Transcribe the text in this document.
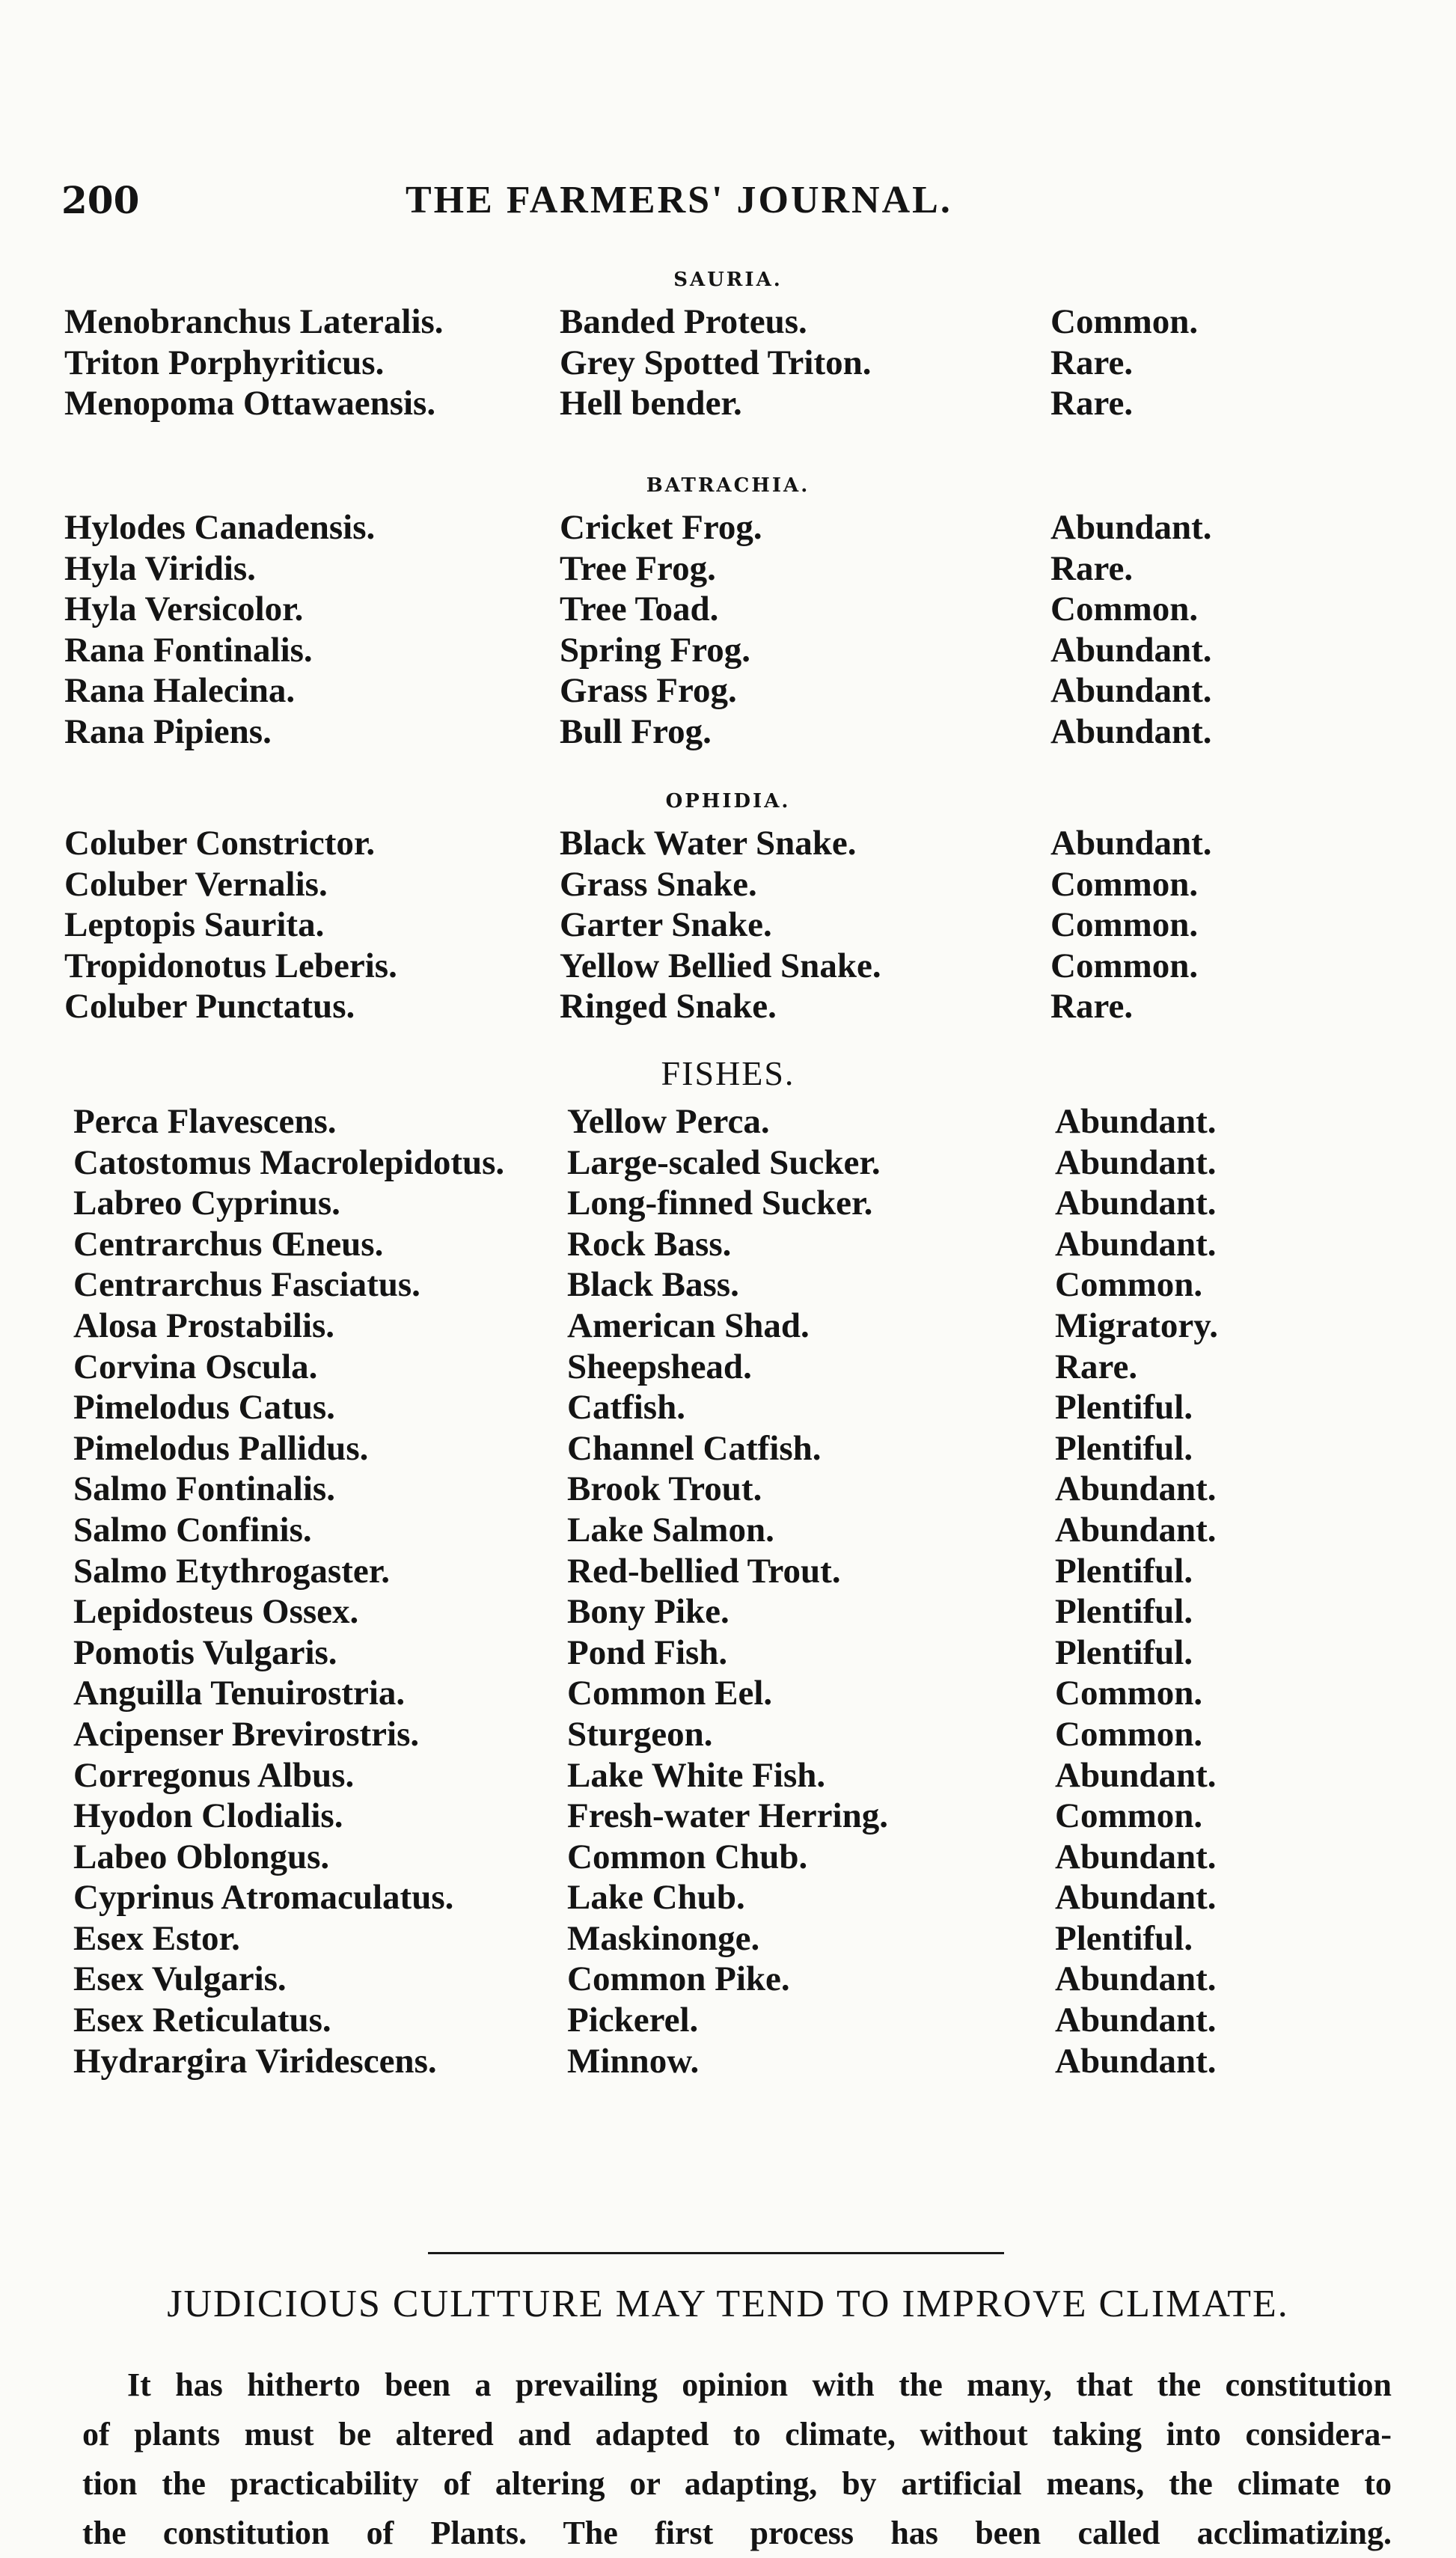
200	THE FARMERS' JOURNAL.
SAURIA.
Menobranchus Lateralis.	Banded Proteus.	Common.
Triton Porphyriticus.	Grey Spotted Triton.	Rare.
Menopoma Ottawaensis.	Hell bender.	Rare.
BATRACHIA.
Hylodes Canadensis.	Cricket Frog.	Abundant.
Hyla Viridis.	Tree Frog.	Rare.
Hyla Versicolor.	Tree Toad.	Common.
Rana Fontinalis.	Spring Frog.	Abundant.
Rana Halecina.	Grass Frog.	Abundant.
Rana Pipiens.	Bull Frog.	Abundant.
OPHIDIA.
Coluber Constrictor.	Black Water Snake.	Abundant.
Coluber Vernalis.	Grass Snake.	Common.
Leptopis Saurita.	Garter Snake.	Common.
Tropidonotus Leberis.	Yellow Bellied Snake.	Common.
Coluber Punctatus.	Ringed Snake.	Rare.
FISHES.
Perca Flavescens.	Yellow Perca.	Abundant.
Catostomus Macrolepidotus. Large-scaled Sucker.	Abundant.
Labreo Cyprinus.	Long-finned Sucker.	Abundant.
Centrarchus Œneus.	Rock Bass.	Abundant.
Centrarchus Fasciatus.	Black Bass.	Common.
Alosa Prostabilis.	American Shad.	Migratory.
Corvina Oscula.	Sheepshead.	Rare.
Pimelodus Catus.	Catfish.	Plentiful.
Pimelodus Pallidus.	Channel Catfish.	Plentiful.
Salmo Fontinalis.	Brook Trout.	Abundant.
Salmo Confinis.	Lake Salmon.	Abundant.
Salmo Etythrogaster.	Red-bellied Trout.	Plentiful.
Lepidosteus Ossex.	Bony Pike.	Plentiful.
Pomotis Vulgaris.	Pond Fish.	Plentiful.
Anguilla Tenuirostria.	Common Eel.	Common.
Acipenser Brevirostris.	Sturgeon.	Common.
Corregonus Albus.	Lake White Fish.	Abundant.
Hyodon Clodialis.	Fresh-water Herring.	Common.
Labeo Oblongus.	Common Chub.	Abundant.
Cyprinus Atromaculatus.	Lake Chub.	Abundant.
Esex Estor.	Maskinonge.	Plentiful.
Esex Vulgaris.	Common Pike.	Abundant.
Esex Reticulatus.	Pickerel.	Abundant.
Hydrargira Viridescens.	Minnow.	Abundant.
JUDICIOUS CULTTURE MAY TEND TO IMPROVE CLIMATE.
It has hitherto been a prevailing opinion with the many, that the constitution
of plants must be altered and adapted to climate, without taking into considera-
tion the practicability of altering or adapting, by artificial means, the climate to
the constitution of Plants. The first process has been called acclimatizing.
